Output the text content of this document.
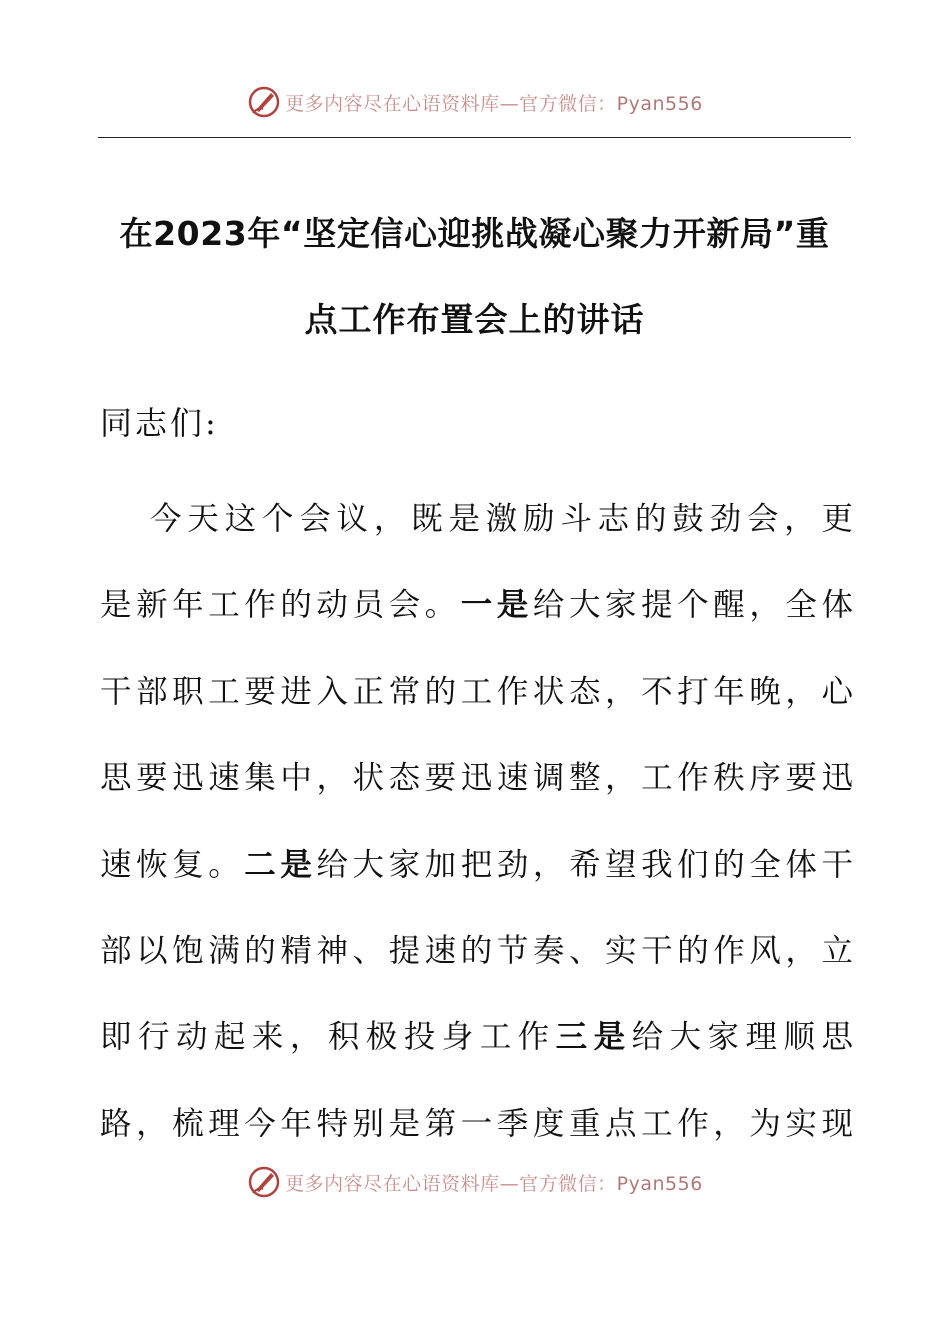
更多内容尽在心语资料库—官方微信：Pyan556
在2023年“坚定信心迎挑战凝心聚力开新局”重
点工作布置会上的讲话

同志们:

今天这个会议，既是激励斗志的鼓劲会，更

是新年工作的动员会。一是给大家提个醒，全体

干部职工要进入正常的工作状态，不打年晚，心

思要迅速集中，状态要迅速调整，工作秩序要迅

速恢复。二是给大家加把劲，希望我们的全体干

部以饱满的精神、提速的节奏、实干的作风，立

即行动起来，积极投身工作三是给大家理顺思

路，梳理今年特别是第一季度重点工作，为实现

更多内容尽在心语资料库—官方微信：Pyan556
